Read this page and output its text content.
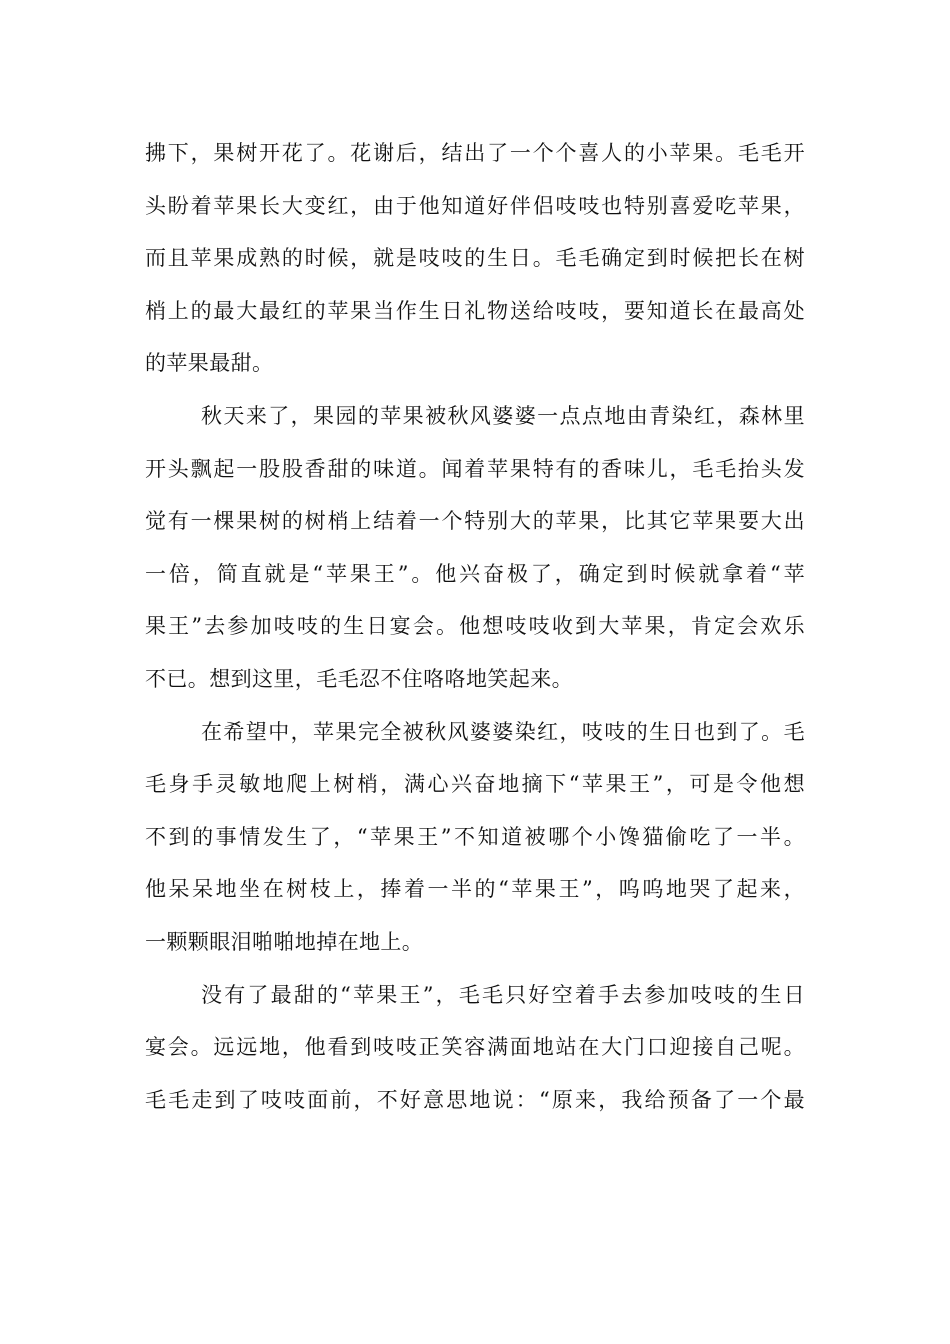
拂下，果树开花了。花谢后，结出了一个个喜人的小苹果。毛毛开
头盼着苹果长大变红，由于他知道好伴侣吱吱也特别喜爱吃苹果，
而且苹果成熟的时候，就是吱吱的生日。毛毛确定到时候把长在树
梢上的最大最红的苹果当作生日礼物送给吱吱，要知道长在最高处
的苹果最甜。
秋天来了，果园的苹果被秋风婆婆一点点地由青染红，森林里
开头飘起一股股香甜的味道。闻着苹果特有的香味儿，毛毛抬头发
觉有一棵果树的树梢上结着一个特别大的苹果，比其它苹果要大出
一倍，简直就是“苹果王”。他兴奋极了，确定到时候就拿着“苹
果王”去参加吱吱的生日宴会。他想吱吱收到大苹果，肯定会欢乐
不已。想到这里，毛毛忍不住咯咯地笑起来。
在希望中，苹果完全被秋风婆婆染红，吱吱的生日也到了。毛
毛身手灵敏地爬上树梢，满心兴奋地摘下“苹果王”，可是令他想
不到的事情发生了，“苹果王”不知道被哪个小馋猫偷吃了一半。
他呆呆地坐在树枝上，捧着一半的“苹果王”，呜呜地哭了起来，
一颗颗眼泪啪啪地掉在地上。
没有了最甜的“苹果王”，毛毛只好空着手去参加吱吱的生日
宴会。远远地，他看到吱吱正笑容满面地站在大门口迎接自己呢。
毛毛走到了吱吱面前，不好意思地说：“原来，我给预备了一个最
